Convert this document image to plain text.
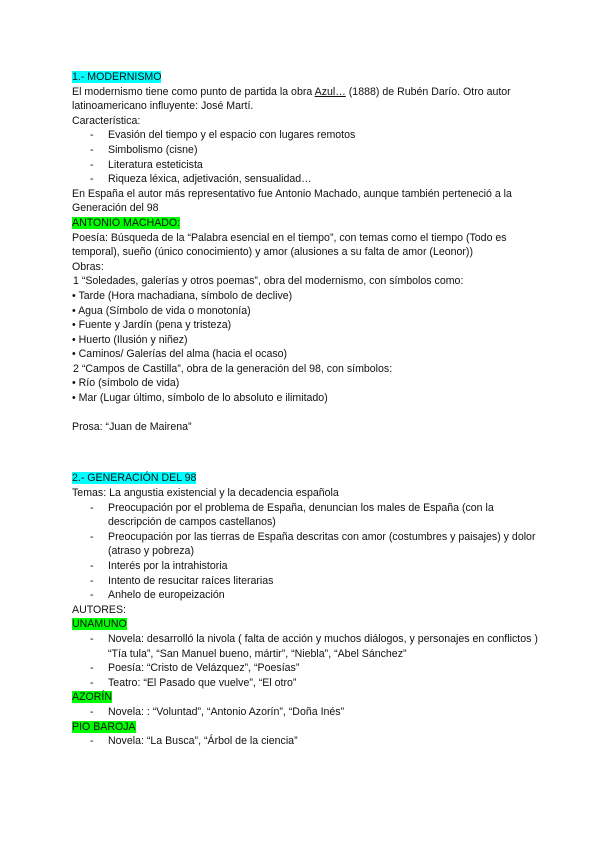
1.- MODERNISMO
El modernismo tiene como punto de partida la obra Azul… (1888) de Rubén Darío. Otro autor latinoamericano influyente: José Martí.
Característica:
- Evasión del tiempo y el espacio con lugares remotos
- Simbolismo (cisne)
- Literatura esteticista
- Riqueza léxica, adjetivación, sensualidad…
En España el autor más representativo fue Antonio Machado, aunque también perteneció a la Generación del 98
ANTONIO MACHADO:
Poesía: Búsqueda de la “Palabra esencial en el tiempo”, con temas como el tiempo (Todo es temporal), sueño (único conocimiento) y amor (alusiones a su falta de amor (Leonor))
Obras:
1 “Soledades, galerías y otros poemas”, obra del modernismo, con símbolos como:
• Tarde (Hora machadiana, símbolo de declive)
• Agua (Símbolo de vida o monotonía)
• Fuente y Jardín (pena y tristeza)
• Huerto (Ilusión y niñez)
• Caminos/ Galerías del alma (hacia el ocaso)
2 “Campos de Castilla”, obra de la generación del 98, con símbolos:
• Río (símbolo de vida)
• Mar (Lugar último, símbolo de lo absoluto e ilimitado)
Prosa: “Juan de Mairena”
2.- GENERACIÓN DEL 98
Temas: La angustia existencial y la decadencia española
- Preocupación por el problema de España, denuncian los males de España (con la descripción de campos castellanos)
- Preocupación por las tierras de España descritas con amor (costumbres y paisajes) y dolor (atraso y pobreza)
- Interés por la intrahistoria
- Intento de resucitar raíces literarias
- Anhelo de europeización
AUTORES:
UNAMUNO
- Novela: desarrolló la nivola ( falta de acción y muchos diálogos, y personajes en conflictos )
“Tía tula”, “San Manuel bueno, mártir”, “Niebla”, “Abel Sánchez”
- Poesía: “Cristo de Velázquez”, “Poesías”
- Teatro: “El Pasado que vuelve”, “El otro”
AZORÍN
- Novela: : “Voluntad”, “Antonio Azorín”, “Doña Inés”
PIO BAROJA
- Novela: “La Busca”, “Árbol de la ciencia”
